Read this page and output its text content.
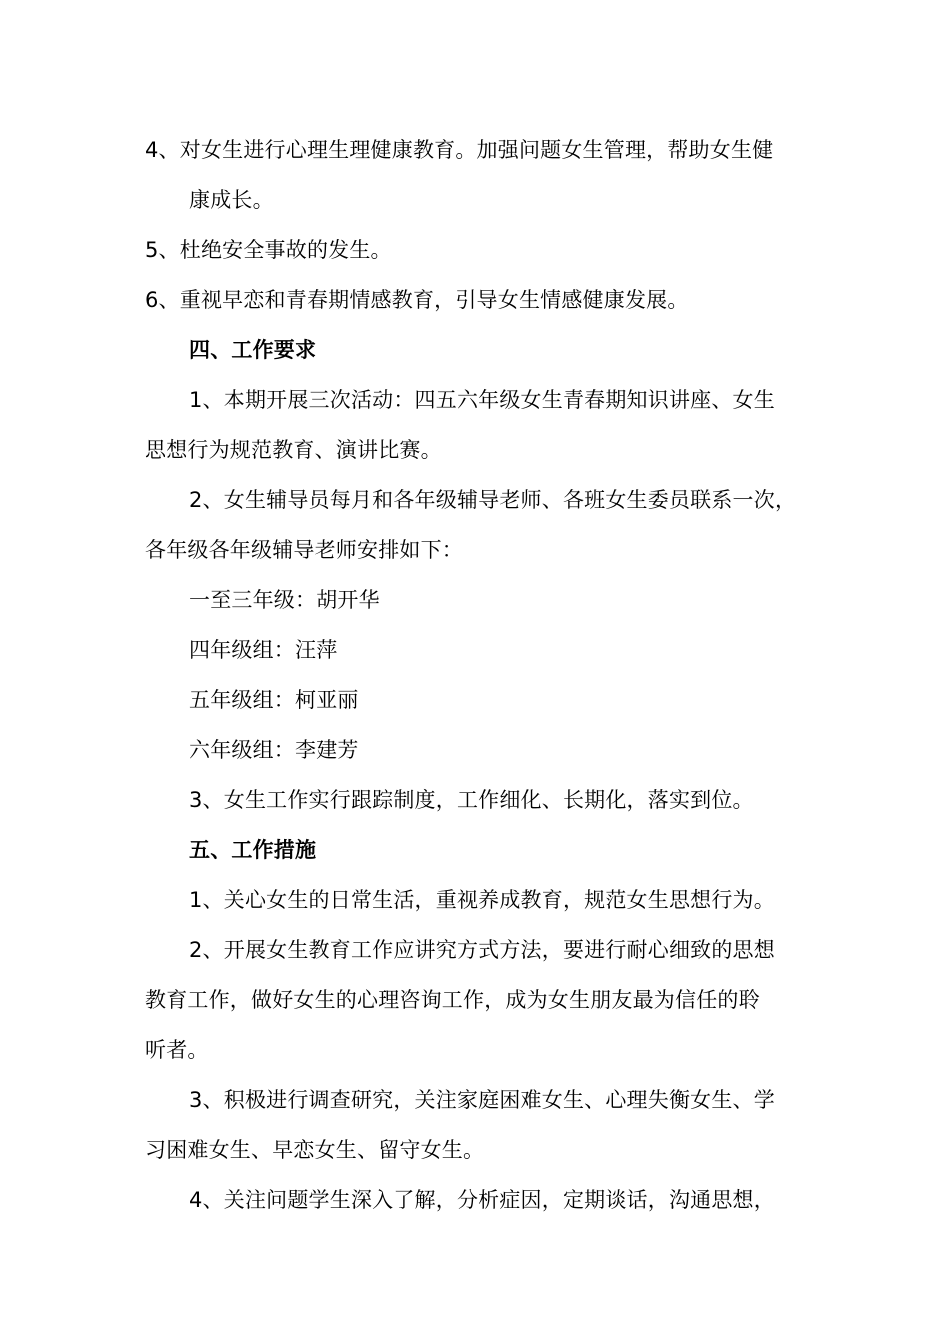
4、对女生进行心理生理健康教育。加强问题女生管理，帮助女生健
康成长。
5、杜绝安全事故的发生。
6、重视早恋和青春期情感教育，引导女生情感健康发展。
四、工作要求
1、本期开展三次活动：四五六年级女生青春期知识讲座、女生
思想行为规范教育、演讲比赛。
2、女生辅导员每月和各年级辅导老师、各班女生委员联系一次，
各年级各年级辅导老师安排如下：
一至三年级：胡开华
四年级组：汪萍
五年级组：柯亚丽
六年级组：李建芳
3、女生工作实行跟踪制度，工作细化、长期化，落实到位。
五、工作措施
1、关心女生的日常生活，重视养成教育，规范女生思想行为。
2、开展女生教育工作应讲究方式方法，要进行耐心细致的思想
教育工作，做好女生的心理咨询工作，成为女生朋友最为信任的聆
听者。
3、积极进行调查研究，关注家庭困难女生、心理失衡女生、学
习困难女生、早恋女生、留守女生。
4、关注问题学生深入了解，分析症因，定期谈话，沟通思想，
